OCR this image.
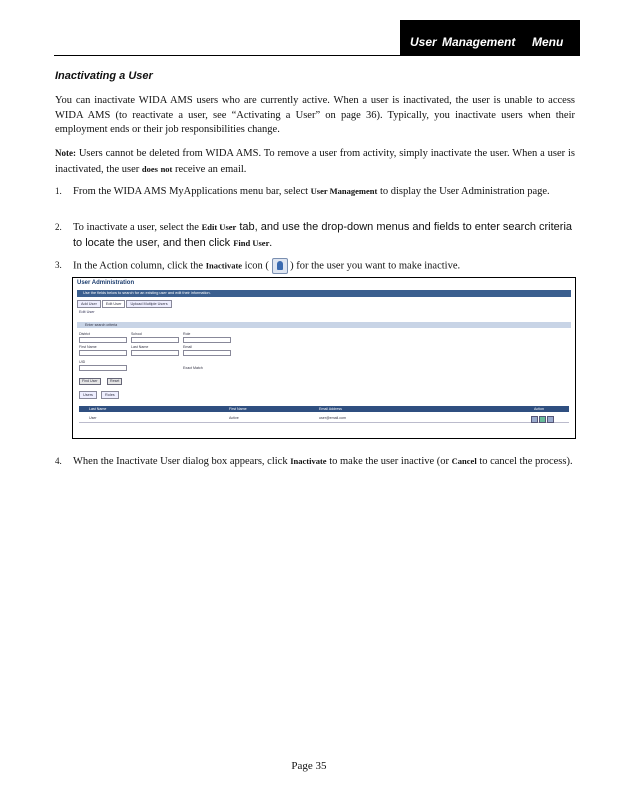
User Management Menu
Inactivating a User
You can inactivate WIDA AMS users who are currently active. When a user is inactivated, the user is unable to access WIDA AMS (to reactivate a user, see “Activating a User” on page 36). Typically, you inactivate users when their employment ends or their job responsibilities change.
Note: Users cannot be deleted from WIDA AMS. To remove a user from activity, simply inactivate the user. When a user is inactivated, the user does not receive an email.
1. From the WIDA AMS MyApplications menu bar, select User Management to display the User Administration page.
2. To inactivate a user, select the Edit User tab, and use the drop-down menus and fields to enter search criteria to locate the user, and then click Find User.
3. In the Action column, click the Inactivate icon (  ) for the user you want to make inactive.
4. When the Inactivate User dialog box appears, click Inactivate to make the user inactive (or Cancel to cancel the process).
User Administration
Use the fields below to search for an existing user and edit their information.
Add User Edit User Upload Multiple Users
Edit User
Enter search criteria
District	School	Role
First Name	Last Name	Email
UID
Exact Match
Find User	Reset
Users	Roles
Last Name	First Name	Email Address	Action
User	Active	user@email.com
Page 35
